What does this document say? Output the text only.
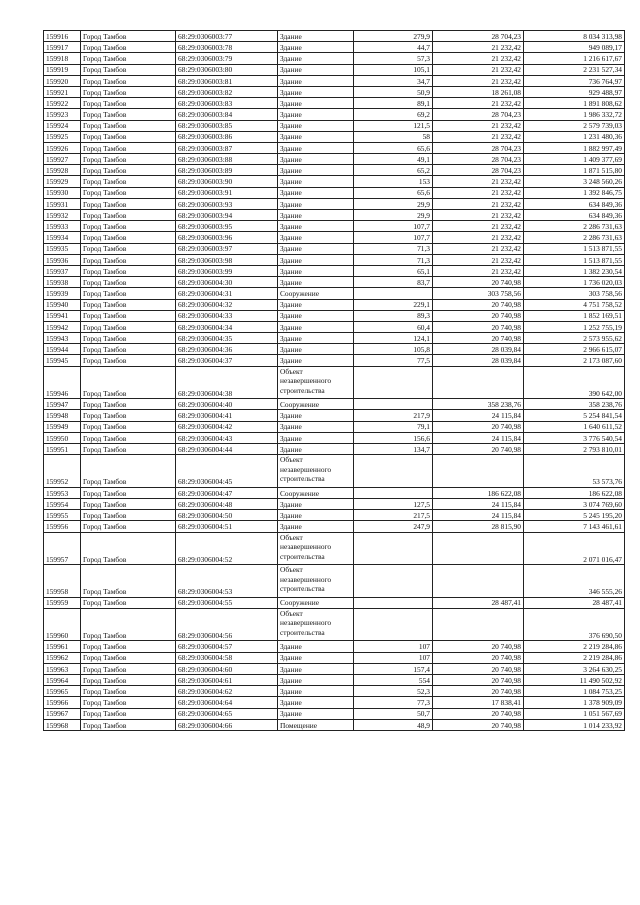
159916	Город Тамбов	68:29:0306003:77	Здание	279,9	28 704,23	8 034 313,98
159917	Город Тамбов	68:29:0306003:78	Здание	44,7	21 232,42	949 089,17
159918	Город Тамбов	68:29:0306003:79	Здание	57,3	21 232,42	1 216 617,67
159919	Город Тамбов	68:29:0306003:80	Здание	105,1	21 232,42	2 231 527,34
159920	Город Тамбов	68:29:0306003:81	Здание	34,7	21 232,42	736 764,97
159921	Город Тамбов	68:29:0306003:82	Здание	50,9	18 261,08	929 488,97
159922	Город Тамбов	68:29:0306003:83	Здание	89,1	21 232,42	1 891 808,62
159923	Город Тамбов	68:29:0306003:84	Здание	69,2	28 704,23	1 986 332,72
159924	Город Тамбов	68:29:0306003:85	Здание	121,5	21 232,42	2 579 739,03
159925	Город Тамбов	68:29:0306003:86	Здание	58	21 232,42	1 231 480,36
159926	Город Тамбов	68:29:0306003:87	Здание	65,6	28 704,23	1 882 997,49
159927	Город Тамбов	68:29:0306003:88	Здание	49,1	28 704,23	1 409 377,69
159928	Город Тамбов	68:29:0306003:89	Здание	65,2	28 704,23	1 871 515,80
159929	Город Тамбов	68:29:0306003:90	Здание	153	21 232,42	3 248 560,26
159930	Город Тамбов	68:29:0306003:91	Здание	65,6	21 232,42	1 392 846,75
159931	Город Тамбов	68:29:0306003:93	Здание	29,9	21 232,42	634 849,36
159932	Город Тамбов	68:29:0306003:94	Здание	29,9	21 232,42	634 849,36
159933	Город Тамбов	68:29:0306003:95	Здание	107,7	21 232,42	2 286 731,63
159934	Город Тамбов	68:29:0306003:96	Здание	107,7	21 232,42	2 286 731,63
159935	Город Тамбов	68:29:0306003:97	Здание	71,3	21 232,42	1 513 871,55
159936	Город Тамбов	68:29:0306003:98	Здание	71,3	21 232,42	1 513 871,55
159937	Город Тамбов	68:29:0306003:99	Здание	65,1	21 232,42	1 382 230,54
159938	Город Тамбов	68:29:0306004:30	Здание	83,7	20 740,98	1 736 020,03
159939	Город Тамбов	68:29:0306004:31	Сооружение		303 758,56	303 758,56
159940	Город Тамбов	68:29:0306004:32	Здание	229,1	20 740,98	4 751 758,52
159941	Город Тамбов	68:29:0306004:33	Здание	89,3	20 740,98	1 852 169,51
159942	Город Тамбов	68:29:0306004:34	Здание	60,4	20 740,98	1 252 755,19
159943	Город Тамбов	68:29:0306004:35	Здание	124,1	20 740,98	2 573 955,62
159944	Город Тамбов	68:29:0306004:36	Здание	105,8	28 039,84	2 966 615,07
159945	Город Тамбов	68:29:0306004:37	Здание	77,5	28 039,84	2 173 087,60
159946	Город Тамбов	68:29:0306004:38	Объект незавершенного строительства			390 642,00
159947	Город Тамбов	68:29:0306004:40	Сооружение		358 238,76	358 238,76
159948	Город Тамбов	68:29:0306004:41	Здание	217,9	24 115,84	5 254 841,54
159949	Город Тамбов	68:29:0306004:42	Здание	79,1	20 740,98	1 640 611,52
159950	Город Тамбов	68:29:0306004:43	Здание	156,6	24 115,84	3 776 540,54
159951	Город Тамбов	68:29:0306004:44	Здание	134,7	20 740,98	2 793 810,01
159952	Город Тамбов	68:29:0306004:45	Объект незавершенного строительства			53 573,76
159953	Город Тамбов	68:29:0306004:47	Сооружение		186 622,08	186 622,08
159954	Город Тамбов	68:29:0306004:48	Здание	127,5	24 115,84	3 074 769,60
159955	Город Тамбов	68:29:0306004:50	Здание	217,5	24 115,84	5 245 195,20
159956	Город Тамбов	68:29:0306004:51	Здание	247,9	28 815,90	7 143 461,61
159957	Город Тамбов	68:29:0306004:52	Объект незавершенного строительства			2 071 016,47
159958	Город Тамбов	68:29:0306004:53	Объект незавершенного строительства			346 555,26
159959	Город Тамбов	68:29:0306004:55	Сооружение		28 487,41	28 487,41
159960	Город Тамбов	68:29:0306004:56	Объект незавершенного строительства			376 690,50
159961	Город Тамбов	68:29:0306004:57	Здание	107	20 740,98	2 219 284,86
159962	Город Тамбов	68:29:0306004:58	Здание	107	20 740,98	2 219 284,86
159963	Город Тамбов	68:29:0306004:60	Здание	157,4	20 740,98	3 264 630,25
159964	Город Тамбов	68:29:0306004:61	Здание	554	20 740,98	11 490 502,92
159965	Город Тамбов	68:29:0306004:62	Здание	52,3	20 740,98	1 084 753,25
159966	Город Тамбов	68:29:0306004:64	Здание	77,3	17 838,41	1 378 909,09
159967	Город Тамбов	68:29:0306004:65	Здание	50,7	20 740,98	1 051 567,69
159968	Город Тамбов	68:29:0306004:66	Помещение	48,9	20 740,98	1 014 233,92
